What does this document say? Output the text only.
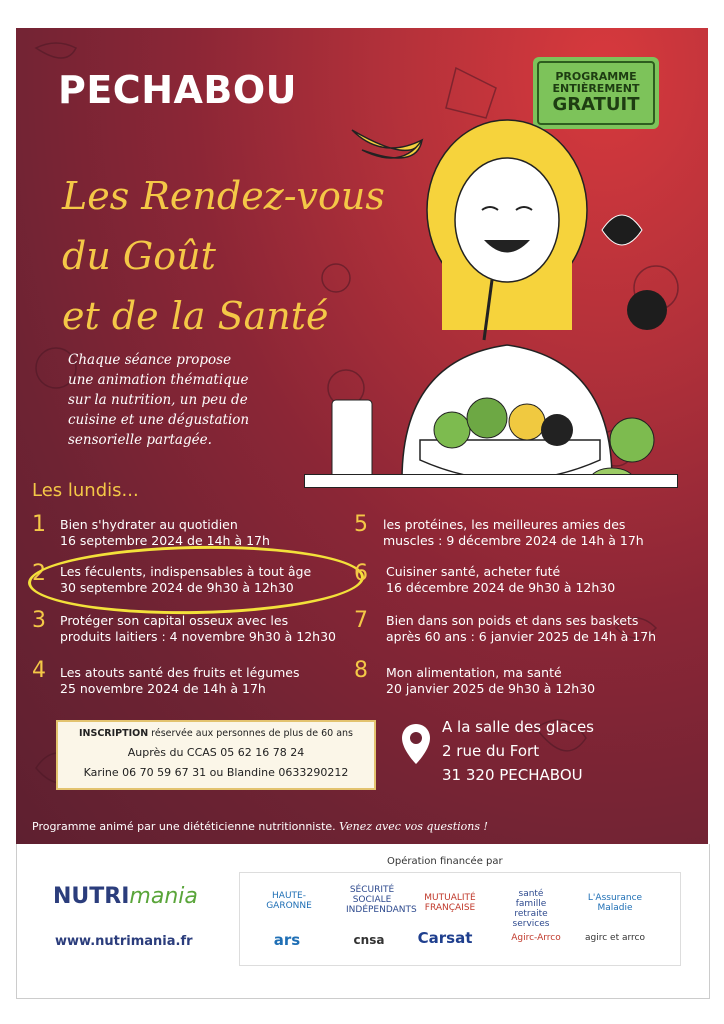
PECHABOU	PROGRAMME
ENTIÈREMENT
GRATUIT
Les Rendez-vous
du Goût
et de la Santé
Chaque séance propose
une animation thématique
sur la nutrition, un peu de
cuisine et une dégustation
sensorielle partagée.
Les lundis...
1 Bien s'hydrater au quotidien
16 septembre 2024 de 14h à 17h
2 Les féculents, indispensables à tout âge
30 septembre 2024 de 9h30 à 12h30
3 Protéger son capital osseux avec les
produits laitiers : 4 novembre 9h30 à 12h30
4 Les atouts santé des fruits et légumes
25 novembre 2024 de 14h à 17h
5 les protéines, les meilleures amies des
muscles : 9 décembre 2024 de 14h à 17h
6 Cuisiner santé, acheter futé
16 décembre 2024 de 9h30 à 12h30
7 Bien dans son poids et dans ses baskets
après 60 ans : 6 janvier 2025 de 14h à 17h
8 Mon alimentation, ma santé
20 janvier 2025 de 9h30 à 12h30
INSCRIPTION réservée aux personnes de plus de 60 ans
Auprès du CCAS 05 62 16 78 24
Karine 06 70 59 67 31 ou Blandine 0633290212
A la salle des glaces
2 rue du Fort
31 320 PECHABOU
Programme animé par une diététicienne nutritionniste. Venez avec vos questions !
NUTRImania
www.nutrimania.fr
Opération financée par
HAUTE-GARONNE
SÉCURITÉ SOCIALE INDÉPENDANTS
MUTUALITÉ FRANÇAISE
santé famille retraite services
L'Assurance Maladie
ars	cnsa	Carsat	Agirc-Arrco	agirc et arrco
